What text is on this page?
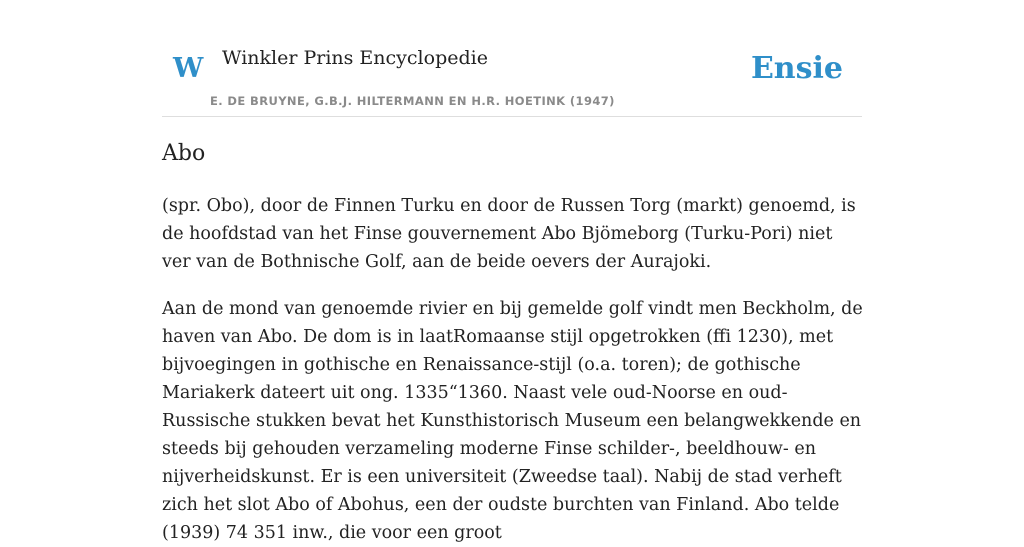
W Winkler Prins Encyclopedie
E. DE BRUYNE, G.B.J. HILTERMANN EN H.R. HOETINK (1947)
Ensie
Abo

(spr. Obo), door de Finnen Turku en door de Russen Torg (markt) genoemd, is de hoofdstad van het Finse gouvernement Abo Bjömeborg (Turku-Pori) niet ver van de Bothnische Golf, aan de beide oevers der Aurajoki.

Aan de mond van genoemde rivier en bij gemelde golf vindt men Beckholm, de haven van Abo. De dom is in laatRomaanse stijl opgetrokken (ffi 1230), met bijvoegingen in gothische en Renaissance-stijl (o.a. toren); de gothische Mariakerk dateert uit ong. 1335“1360. Naast vele oud-Noorse en oud-Russische stukken bevat het Kunsthistorisch Museum een belangwekkende en steeds bij gehouden verzameling moderne Finse schilder-, beeldhouw- en nijverheidskunst. Er is een universiteit (Zweedse taal). Nabij de stad verheft zich het slot Abo of Abohus, een der oudste burchten van Finland. Abo telde (1939) 74 351 inw., die voor een groot
